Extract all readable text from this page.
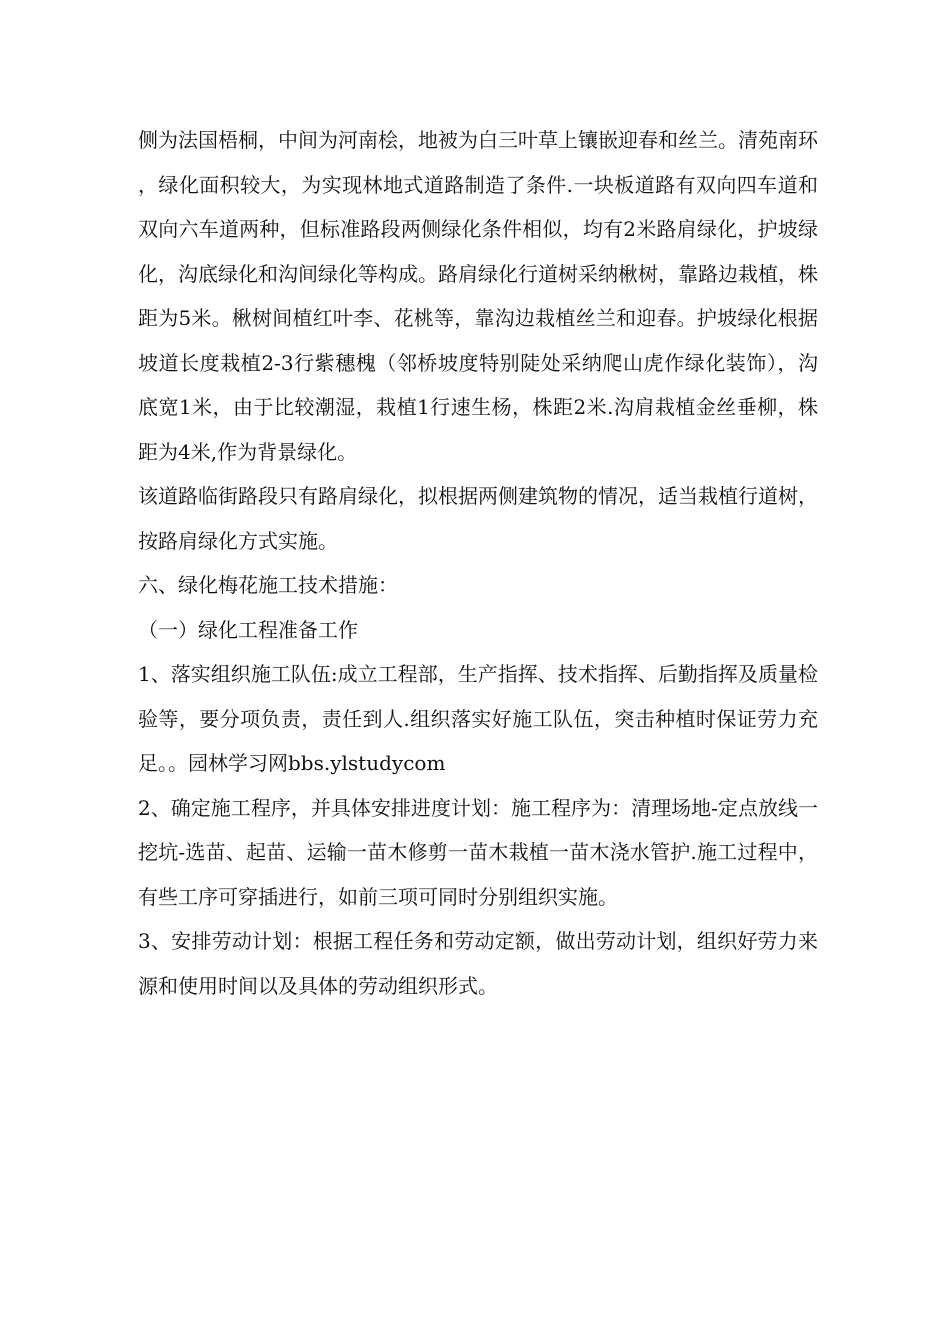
侧为法国梧桐，中间为河南桧，地被为白三叶草上镶嵌迎春和丝兰。清苑南环，绿化面积较大，为实现林地式道路制造了条件.一块板道路有双向四车道和双向六车道两种，但标准路段两侧绿化条件相似，均有2米路肩绿化，护坡绿化，沟底绿化和沟间绿化等构成。路肩绿化行道树采纳楸树，靠路边栽植，株距为5米。楸树间植红叶李、花桃等，靠沟边栽植丝兰和迎春。护坡绿化根据坡道长度栽植2-3行紫穗槐（邻桥坡度特别陡处采纳爬山虎作绿化装饰），沟底宽1米，由于比较潮湿，栽植1行速生杨，株距2米.沟肩栽植金丝垂柳，株距为4米,作为背景绿化。

该道路临街路段只有路肩绿化，拟根据两侧建筑物的情况，适当栽植行道树，按路肩绿化方式实施。

六、绿化梅花施工技术措施：

（一）绿化工程准备工作

1、落实组织施工队伍:成立工程部，生产指挥、技术指挥、后勤指挥及质量检验等，要分项负责，责任到人.组织落实好施工队伍，突击种植时保证劳力充足。。园林学习网bbs.ylstudycom

2、确定施工程序，并具体安排进度计划：施工程序为：清理场地-定点放线一挖坑-选苗、起苗、运输一苗木修剪一苗木栽植一苗木浇水管护.施工过程中，有些工序可穿插进行，如前三项可同时分别组织实施。

3、安排劳动计划：根据工程任务和劳动定额，做出劳动计划，组织好劳力来源和使用时间以及具体的劳动组织形式。
